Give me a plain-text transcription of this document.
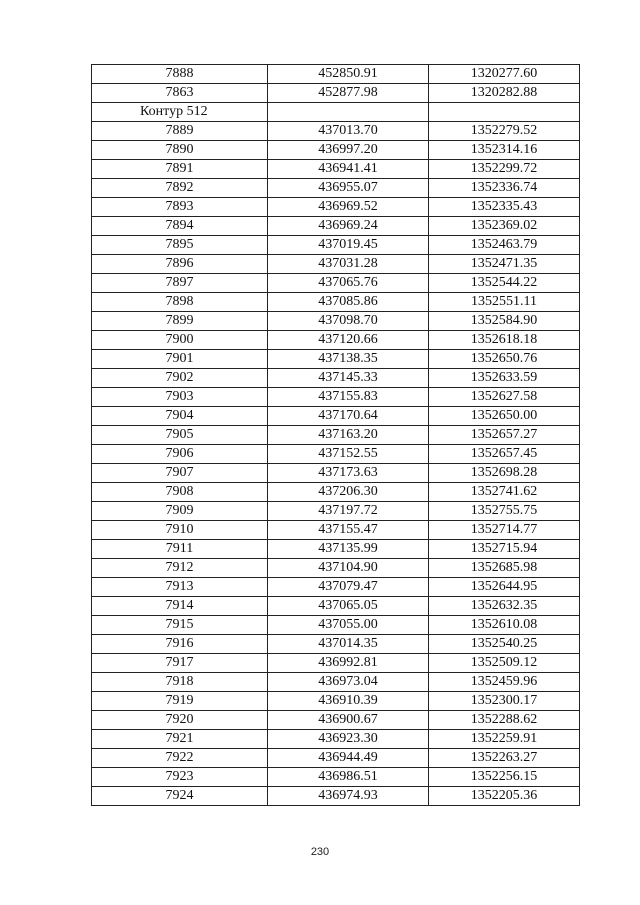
7888	452850.91	1320277.60
7863	452877.98	1320282.88
Контур 512		
7889	437013.70	1352279.52
7890	436997.20	1352314.16
7891	436941.41	1352299.72
7892	436955.07	1352336.74
7893	436969.52	1352335.43
7894	436969.24	1352369.02
7895	437019.45	1352463.79
7896	437031.28	1352471.35
7897	437065.76	1352544.22
7898	437085.86	1352551.11
7899	437098.70	1352584.90
7900	437120.66	1352618.18
7901	437138.35	1352650.76
7902	437145.33	1352633.59
7903	437155.83	1352627.58
7904	437170.64	1352650.00
7905	437163.20	1352657.27
7906	437152.55	1352657.45
7907	437173.63	1352698.28
7908	437206.30	1352741.62
7909	437197.72	1352755.75
7910	437155.47	1352714.77
7911	437135.99	1352715.94
7912	437104.90	1352685.98
7913	437079.47	1352644.95
7914	437065.05	1352632.35
7915	437055.00	1352610.08
7916	437014.35	1352540.25
7917	436992.81	1352509.12
7918	436973.04	1352459.96
7919	436910.39	1352300.17
7920	436900.67	1352288.62
7921	436923.30	1352259.91
7922	436944.49	1352263.27
7923	436986.51	1352256.15
7924	436974.93	1352205.36
230
